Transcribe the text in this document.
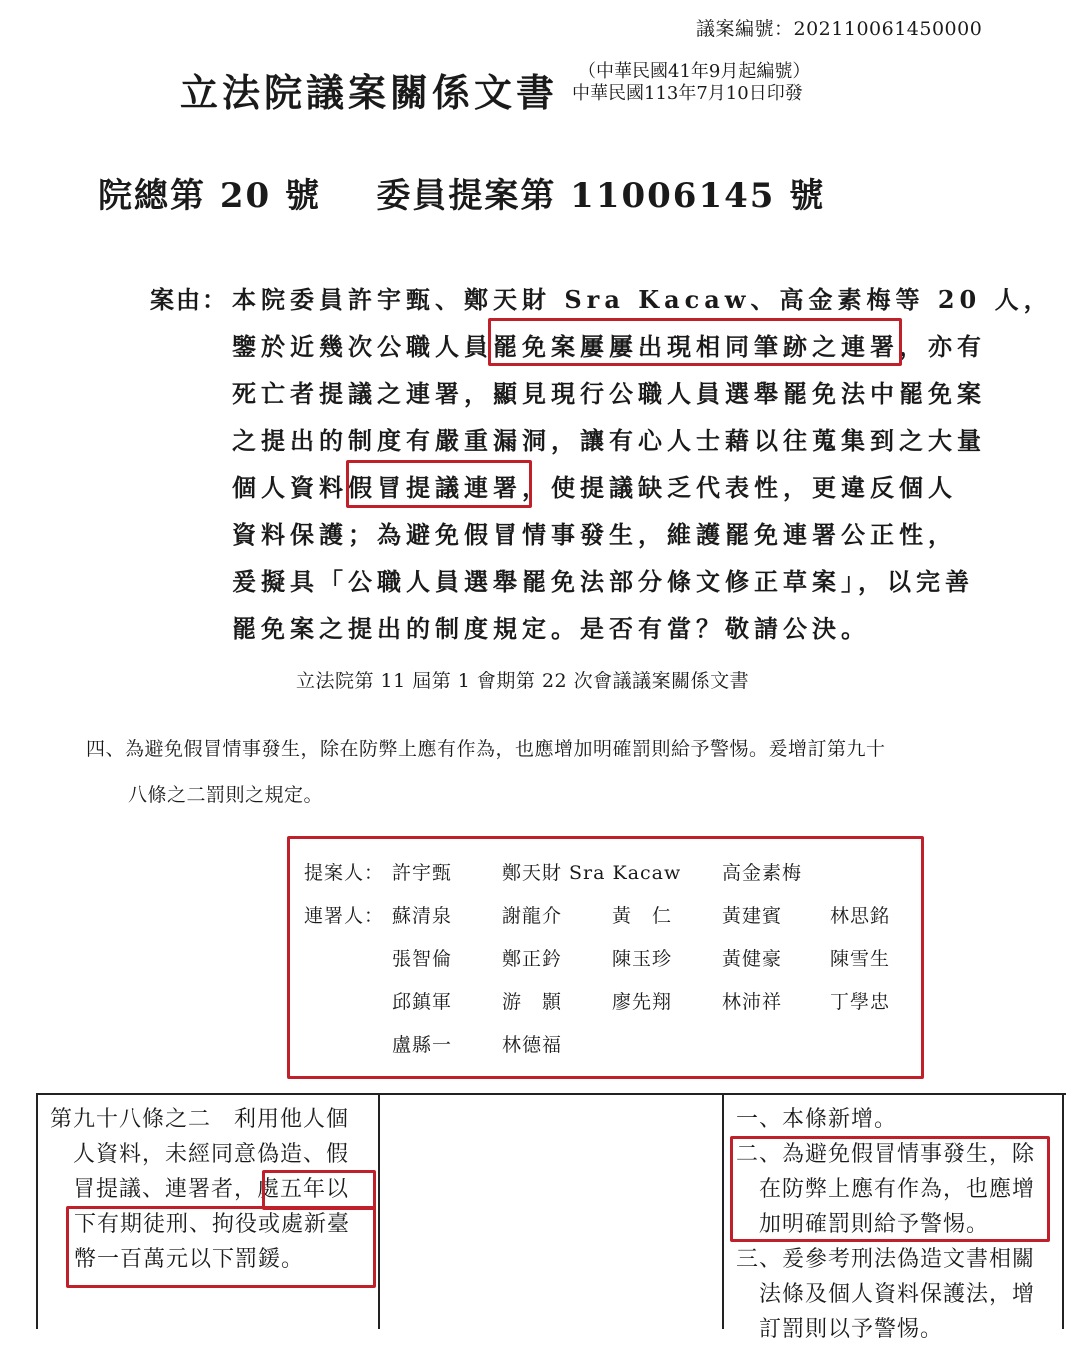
議案編號：202110061450000
立法院議案關係文書 （中華民國41年9月起編號）
中華民國113年7月10日印發
院總第 20 號    委員提案第 11006145 號
案由： 本院委員許宇甄、鄭天財 Sra Kacaw、高金素梅等 20 人，
鑒於近幾次公職人員罷免案屢屢出現相同筆跡之連署，亦有
死亡者提議之連署，顯見現行公職人員選舉罷免法中罷免案
之提出的制度有嚴重漏洞，讓有心人士藉以往蒐集到之大量
個人資料假冒提議連署，使提議缺乏代表性，更違反個人
資料保護；為避免假冒情事發生，維護罷免連署公正性，
爰擬具「公職人員選舉罷免法部分條文修正草案」，以完善
罷免案之提出的制度規定。是否有當？敬請公決。
立法院第 11 屆第 1 會期第 22 次會議議案關係文書
四、為避免假冒情事發生，除在防弊上應有作為，也應增加明確罰則給予警惕。爰增訂第九十
八條之二罰則之規定。
提案人： 許宇甄	鄭天財 Sra Kacaw 高金素梅
連署人： 蘇清泉	謝龍介	黃　仁	黃建賓	林思銘
張智倫	鄭正鈐	陳玉珍	黃健豪	陳雪生
邱鎮軍	游　顥	廖先翔	林沛祥	丁學忠
盧縣一	林德福
第九十八條之二　利用他人個
　人資料，未經同意偽造、假
　冒提議、連署者，處五年以
下有期徒刑、拘役或處新臺
幣一百萬元以下罰鍰。
一、本條新增。
二、為避免假冒情事發生，除
　在防弊上應有作為，也應增
　加明確罰則給予警惕。
三、爰參考刑法偽造文書相關
　法條及個人資料保護法，增
　訂罰則以予警惕。
